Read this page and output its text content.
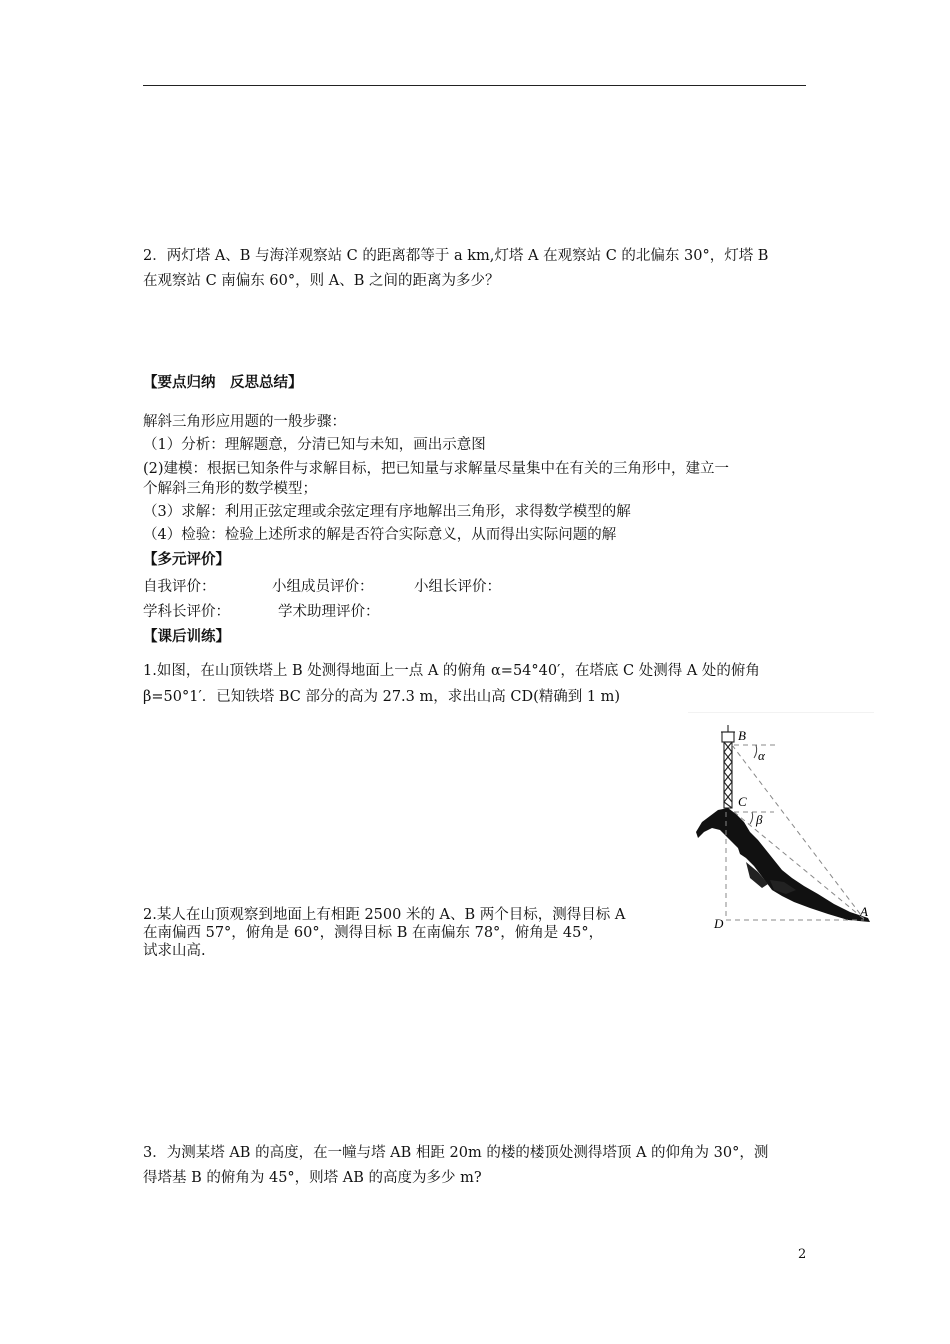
2．两灯塔 A、B 与海洋观察站 C 的距离都等于 a km,灯塔 A 在观察站 C 的北偏东 30°，灯塔 B
在观察站 C 南偏东 60°，则 A、B 之间的距离为多少？
【要点归纳　反思总结】
解斜三角形应用题的一般步骤：
（1）分析：理解题意，分清已知与未知，画出示意图
(2)建模：根据已知条件与求解目标，把已知量与求解量尽量集中在有关的三角形中，建立一
个解斜三角形的数学模型；
（3）求解：利用正弦定理或余弦定理有序地解出三角形，求得数学模型的解
（4）检验：检验上述所求的解是否符合实际意义，从而得出实际问题的解
【多元评价】
自我评价：	小组成员评价：	小组长评价：
学科长评价：	学术助理评价：
【课后训练】
1.如图，在山顶铁塔上 B 处测得地面上一点 A 的俯角 α=54°40′，在塔底 C 处测得 A 处的俯角
β=50°1′．已知铁塔 BC 部分的高为 27.3 m，求出山高 CD(精确到 1 m)
2.某人在山顶观察到地面上有相距 2500 米的 A、B 两个目标，测得目标 A
在南偏西 57°，俯角是 60°，测得目标 B 在南偏东 78°，俯角是 45°，
试求山高.
3．为测某塔 AB 的高度，在一幢与塔 AB 相距 20m 的楼的楼顶处测得塔顶 A 的仰角为 30°，测
得塔基 B 的俯角为 45°，则塔 AB 的高度为多少 m?
B
α
C
β
D
A
2
